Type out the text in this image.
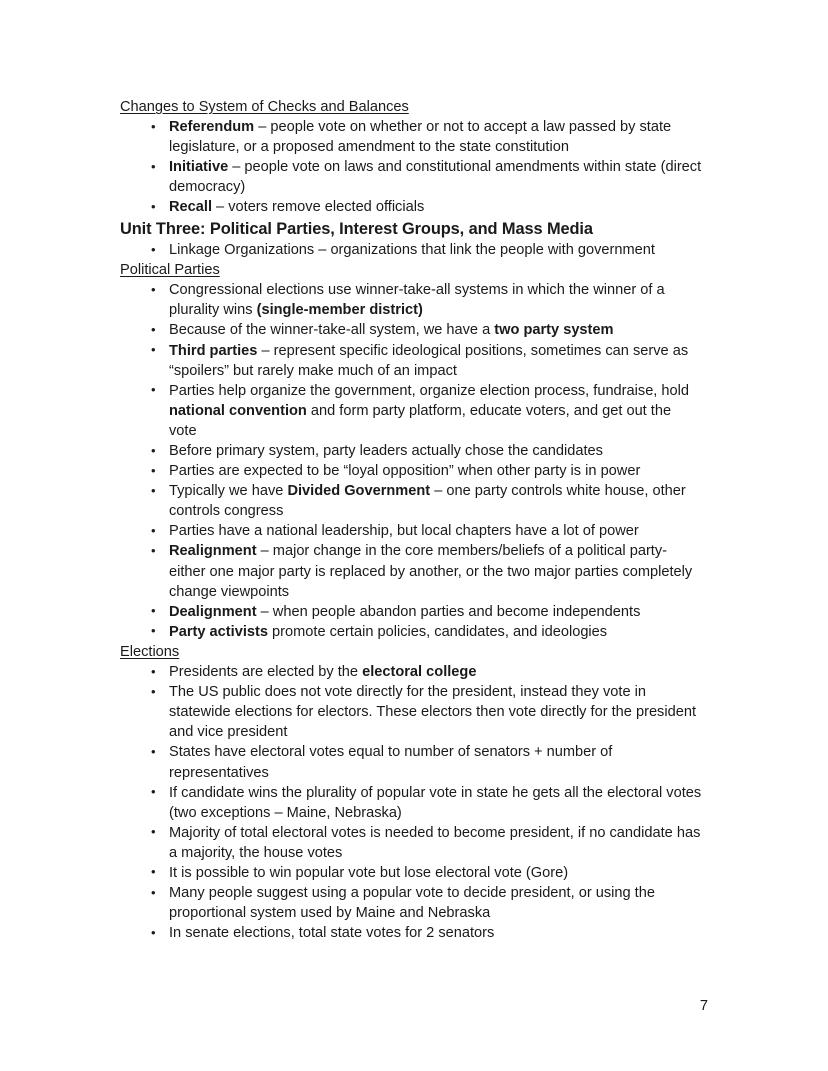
Changes to System of Checks and Balances
• Referendum – people vote on whether or not to accept a law passed by state legislature, or a proposed amendment to the state constitution
• Initiative – people vote on laws and constitutional amendments within state (direct democracy)
• Recall – voters remove elected officials
Unit Three: Political Parties, Interest Groups, and Mass Media
• Linkage Organizations – organizations that link the people with government
Political Parties
• Congressional elections use winner-take-all systems in which the winner of a plurality wins (single-member district)
• Because of the winner-take-all system, we have a two party system
• Third parties – represent specific ideological positions, sometimes can serve as “spoilers” but rarely make much of an impact
• Parties help organize the government, organize election process, fundraise, hold national convention and form party platform, educate voters, and get out the vote
• Before primary system, party leaders actually chose the candidates
• Parties are expected to be “loyal opposition” when other party is in power
• Typically we have Divided Government – one party controls white house, other controls congress
• Parties have a national leadership, but local chapters have a lot of power
• Realignment – major change in the core members/beliefs of a political party-either one major party is replaced by another, or the two major parties completely change viewpoints
• Dealignment – when people abandon parties and become independents
• Party activists promote certain policies, candidates, and ideologies
Elections
• Presidents are elected by the electoral college
• The US public does not vote directly for the president, instead they vote in statewide elections for electors. These electors then vote directly for the president and vice president
• States have electoral votes equal to number of senators + number of representatives
• If candidate wins the plurality of popular vote in state he gets all the electoral votes (two exceptions – Maine, Nebraska)
• Majority of total electoral votes is needed to become president, if no candidate has a majority, the house votes
• It is possible to win popular vote but lose electoral vote (Gore)
• Many people suggest using a popular vote to decide president, or using the proportional system used by Maine and Nebraska
• In senate elections, total state votes for 2 senators
7
